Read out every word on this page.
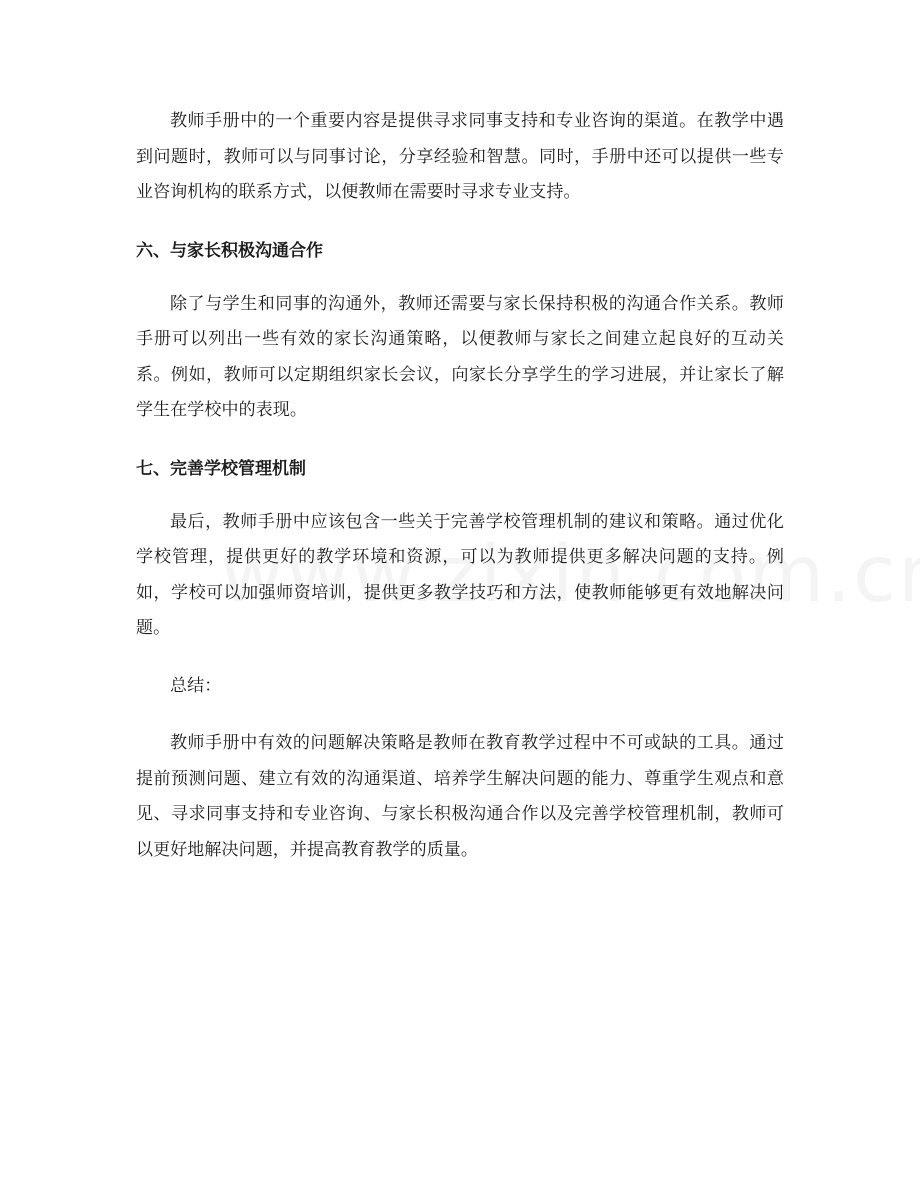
教师手册中的一个重要内容是提供寻求同事支持和专业咨询的渠道。在教学中遇到问题时，教师可以与同事讨论，分享经验和智慧。同时，手册中还可以提供一些专业咨询机构的联系方式，以便教师在需要时寻求专业支持。

六、与家长积极沟通合作

除了与学生和同事的沟通外，教师还需要与家长保持积极的沟通合作关系。教师手册可以列出一些有效的家长沟通策略，以便教师与家长之间建立起良好的互动关系。例如，教师可以定期组织家长会议，向家长分享学生的学习进展，并让家长了解学生在学校中的表现。

七、完善学校管理机制

最后，教师手册中应该包含一些关于完善学校管理机制的建议和策略。通过优化学校管理，提供更好的教学环境和资源，可以为教师提供更多解决问题的支持。例如，学校可以加强师资培训，提供更多教学技巧和方法，使教师能够更有效地解决问题。

总结：

教师手册中有效的问题解决策略是教师在教育教学过程中不可或缺的工具。通过提前预测问题、建立有效的沟通渠道、培养学生解决问题的能力、尊重学生观点和意见、寻求同事支持和专业咨询、与家长积极沟通合作以及完善学校管理机制，教师可以更好地解决问题，并提高教育教学的质量。
